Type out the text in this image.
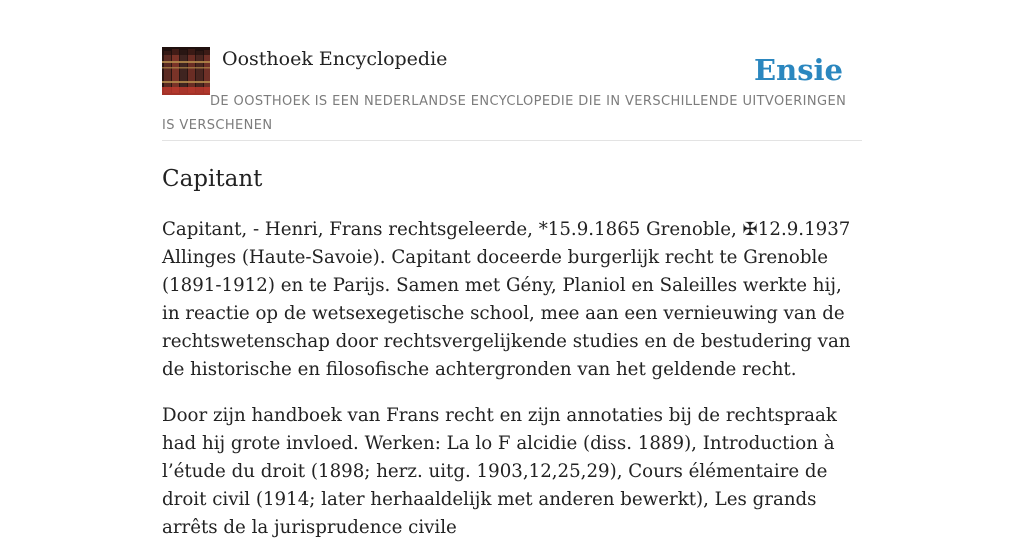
Oosthoek Encyclopedie	Ensie
DE OOSTHOEK IS EEN NEDERLANDSE ENCYCLOPEDIE DIE IN VERSCHILLENDE UITVOERINGEN IS VERSCHENEN
Capitant

Capitant, - Henri, Frans rechtsgeleerde, *15.9.1865 Grenoble, ✠12.9.1937 Allinges (Haute-Savoie). Capitant doceerde burgerlijk recht te Grenoble (1891-1912) en te Parijs. Samen met Gény, Planiol en Saleilles werkte hij, in reactie op de wetsexegetische school, mee aan een vernieuwing van de rechtswetenschap door rechtsvergelijkende studies en de bestudering van de historische en filosofische achtergronden van het geldende recht.

Door zijn handboek van Frans recht en zijn annotaties bij de rechtspraak had hij grote invloed. Werken: La lo F alcidie (diss. 1889), Introduction à l’étude du droit (1898; herz. uitg. 1903,12,25,29), Cours élémentaire de droit civil (1914; later herhaaldelijk met anderen bewerkt), Les grands arrêts de la jurisprudence civile
